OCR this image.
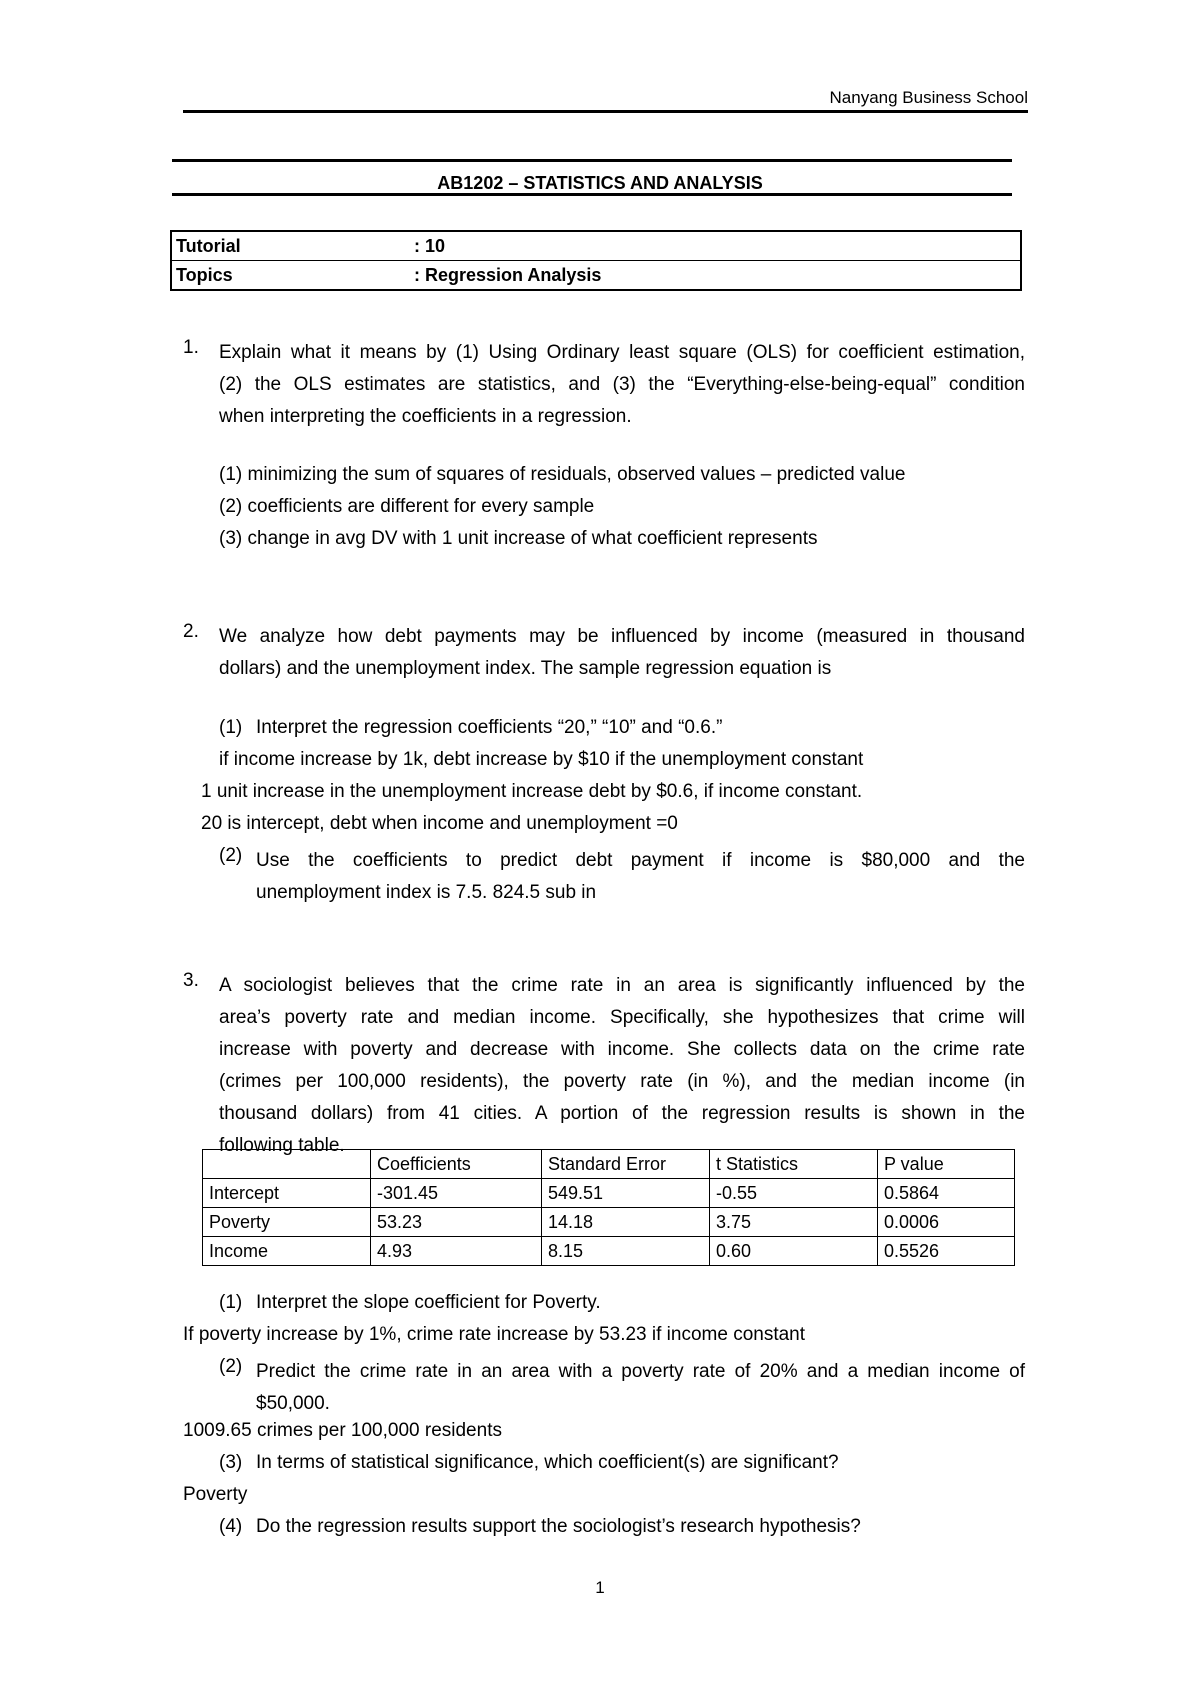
Nanyang Business School
AB1202 – STATISTICS AND ANALYSIS
Tutorial	: 10
Topics	: Regression Analysis
1. Explain what it means by (1) Using Ordinary least square (OLS) for coefficient estimation,
(2) the OLS estimates are statistics, and (3) the “Everything-else-being-equal” condition
when interpreting the coefficients in a regression.
(1) minimizing the sum of squares of residuals, observed values – predicted value
(2) coefficients are different for every sample
(3) change in avg DV with 1 unit increase of what coefficient represents
2. We analyze how debt payments may be influenced by income (measured in thousand
dollars) and the unemployment index. The sample regression equation is
(1) Interpret the regression coefficients “20,” “10” and “0.6.”
if income increase by 1k, debt increase by $10 if the unemployment constant
1 unit increase in the unemployment increase debt by $0.6, if income constant.
20 is intercept, debt when income and unemployment =0
(2) Use the coefficients to predict debt payment if income is $80,000 and the
unemployment index is 7.5. 824.5 sub in
3. A sociologist believes that the crime rate in an area is significantly influenced by the
area’s poverty rate and median income. Specifically, she hypothesizes that crime will
increase with poverty and decrease with income. She collects data on the crime rate
(crimes per 100,000 residents), the poverty rate (in %), and the median income (in
thousand dollars) from 41 cities. A portion of the regression results is shown in the
following table.
	Coefficients	Standard Error	t Statistics	P value
Intercept	-301.45	549.51	-0.55	0.5864
Poverty	53.23	14.18	3.75	0.0006
Income	4.93	8.15	0.60	0.5526
(1) Interpret the slope coefficient for Poverty.
If poverty increase by 1%, crime rate increase by 53.23 if income constant
(2) Predict the crime rate in an area with a poverty rate of 20% and a median income of
$50,000.
1009.65 crimes per 100,000 residents
(3) In terms of statistical significance, which coefficient(s) are significant?
Poverty
(4) Do the regression results support the sociologist’s research hypothesis?
1
